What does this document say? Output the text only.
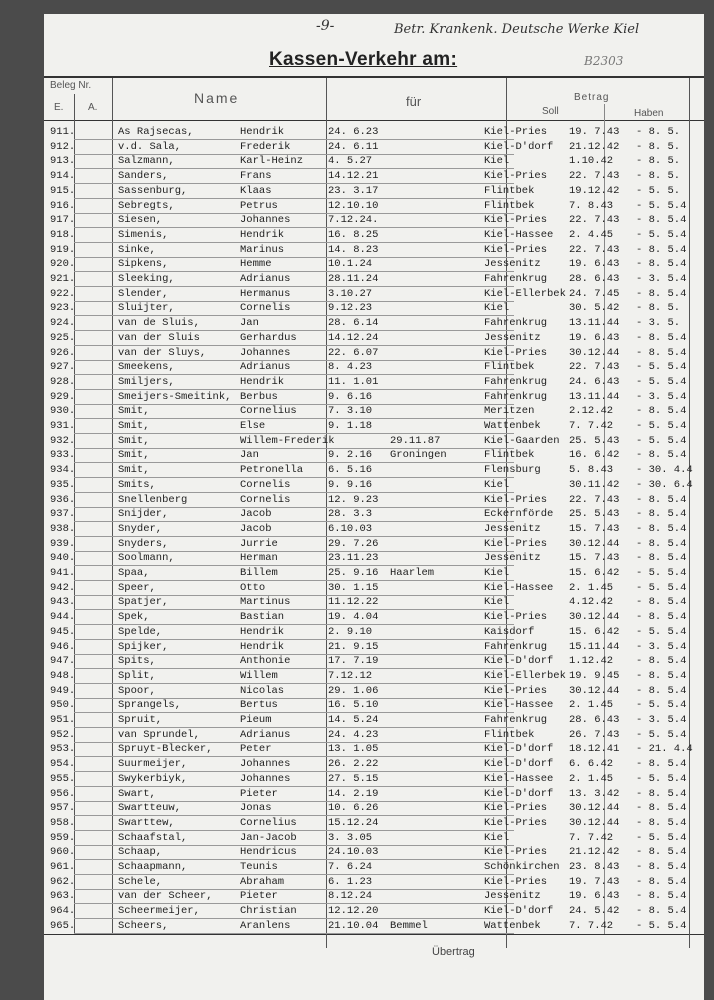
-9-	Betr. Krankenk. Deutsche Werke Kiel
B2303
Kassen-Verkehr am:
Beleg Nr.
E. A.
Name	für	Betrag
Soll	Haben
911.	As Rajsecas,	Hendrik	24. 6.23	Kiel-Pries 19. 7.43 - 8. 5.
912.	v.d. Sala,	Frederik	24. 6.11	Kiel-D'dorf 21.12.42 - 8. 5.
913.	Salzmann,	Karl-Heinz 4. 5.27	Kiel	1.10.42 - 8. 5.
914.	Sanders,	Frans	14.12.21	Kiel-Pries 22. 7.43 - 8. 5.
915.	Sassenburg,	Klaas	23. 3.17	Flintbek	19.12.42 - 5. 5.
916.	Sebregts,	Petrus	12.10.10	Flintbek	7. 8.43 - 5. 5.4
917.	Siesen,	Johannes	7.12.24.	Kiel-Pries 22. 7.43 - 8. 5.4
918.	Simenis,	Hendrik	16. 8.25	Kiel-Hassee 2. 4.45 - 5. 5.4
919.	Sinke,	Marinus	14. 8.23	Kiel-Pries 22. 7.43 - 8. 5.4
920.	Sipkens,	Hemme	10.1.24	Jessenitz	19. 6.43 - 8. 5.4
921.	Sleeking,	Adrianus	28.11.24	Fahrenkrug 28. 6.43 - 3. 5.4
922.	Slender,	Hermanus	3.10.27	Kiel-Ellerbek 24. 7.45 - 8. 5.4
923.	Sluijter,	Cornelis	9.12.23	Kiel	30. 5.42 - 8. 5.
924.	van de Sluis,	Jan	28. 6.14	Fahrenkrug 13.11.44 - 3. 5.
925.	van der Sluis	Gerhardus	14.12.24	Jessenitz	19. 6.43 - 8. 5.4
926.	van der Sluys,	Johannes	22. 6.07	Kiel-Pries 30.12.44 - 8. 5.4
927.	Smeekens,	Adrianus	8. 4.23	Flintbek	22. 7.43 - 5. 5.4
928.	Smiljers,	Hendrik	11. 1.01	Fahrenkrug 24. 6.43 - 5. 5.4
929.	Smeijers-Smeitink, Berbus	9. 6.16	Fahrenkrug 13.11.44 - 3. 5.4
930.	Smit,	Cornelius	7. 3.10	Meritzen	2.12.42 - 8. 5.4
931.	Smit,	Else	9. 1.18	Wattenbek	7. 7.42 - 5. 5.4
932.	Smit,	Willem-Frederik	29.11.87	Kiel-Gaarden 25. 5.43 - 5. 5.4
933.	Smit,	Jan	9. 2.16 Groningen	Flintbek	16. 6.42 - 8. 5.4
934.	Smit,	Petronella 6. 5.16	Flensburg	5. 8.43 - 30. 4.4
935.	Smits,	Cornelis	9. 9.16	Kiel	30.11.42 - 30. 6.4
936.	Snellenberg	Cornelis	12. 9.23	Kiel-Pries 22. 7.43 - 8. 5.4
937.	Snijder,	Jacob	28. 3.3	Eckernförde 25. 5.43 - 8. 5.4
938.	Snyder,	Jacob	6.10.03	Jessenitz	15. 7.43 - 8. 5.4
939.	Snyders,	Jurrie	29. 7.26	Kiel-Pries 30.12.44 - 8. 5.4
940.	Soolmann,	Herman	23.11.23	Jessenitz	15. 7.43 - 8. 5.4
941.	Spaa,	Billem	25. 9.16 Haarlem	Kiel	15. 6.42 - 5. 5.4
942.	Speer,	Otto	30. 1.15	Kiel-Hassee 2. 1.45 - 5. 5.4
943.	Spatjer,	Martinus	11.12.22	Kiel	4.12.42 - 8. 5.4
944.	Spek,	Bastian	19. 4.04	Kiel-Pries 30.12.44 - 8. 5.4
945.	Spelde,	Hendrik	2. 9.10	Kaisdorf	15. 6.42 - 5. 5.4
946.	Spijker,	Hendrik	21. 9.15	Fahrenkrug 15.11.44 - 3. 5.4
947.	Spits,	Anthonie	17. 7.19	Kiel-D'dorf 1.12.42 - 8. 5.4
948.	Split,	Willem	7.12.12	Kiel-Ellerbek 19. 9.45 - 8. 5.4
949.	Spoor,	Nicolas	29. 1.06	Kiel-Pries 30.12.44 - 8. 5.4
950.	Sprangels,	Bertus	16. 5.10	Kiel-Hassee 2. 1.45 - 5. 5.4
951.	Spruit,	Pieum	14. 5.24	Fahrenkrug 28. 6.43 - 3. 5.4
952.	van Sprundel,	Adrianus	24. 4.23	Flintbek	26. 7.43 - 5. 5.4
953.	Spruyt-Blecker,	Peter	13. 1.05	Kiel-D'dorf 18.12.41 - 21. 4.4
954.	Suurmeijer,	Johannes	26. 2.22	Kiel-D'dorf 6. 6.42 - 8. 5.4
955.	Swykerbiyk,	Johannes	27. 5.15	Kiel-Hassee 2. 1.45 - 5. 5.4
956.	Swart,	Pieter	14. 2.19	Kiel-D'dorf 13. 3.42 - 8. 5.4
957.	Swartteuw,	Jonas	10. 6.26	Kiel-Pries 30.12.44 - 8. 5.4
958.	Swarttew,	Cornelius	15.12.24	Kiel-Pries 30.12.44 - 8. 5.4
959.	Schaafstal,	Jan-Jacob	3. 3.05	Kiel	7. 7.42 - 5. 5.4
960.	Schaap,	Hendricus	24.10.03	Kiel-Pries 21.12.42 - 8. 5.4
961.	Schaapmann,	Teunis	7. 6.24	Schönkirchen 23. 8.43 - 8. 5.4
962.	Schele,	Abraham	6. 1.23	Kiel-Pries 19. 7.43 - 8. 5.4
963.	van der Scheer,	Pieter	8.12.24	Jessenitz	19. 6.43 - 8. 5.4
964.	Scheermeijer,	Christian	12.12.20	Kiel-D'dorf 24. 5.42 - 8. 5.4
965.	Scheers,	Aranlens	21.10.04 Bemmel	Wattenbek	7. 7.42 - 5. 5.4
Übertrag
